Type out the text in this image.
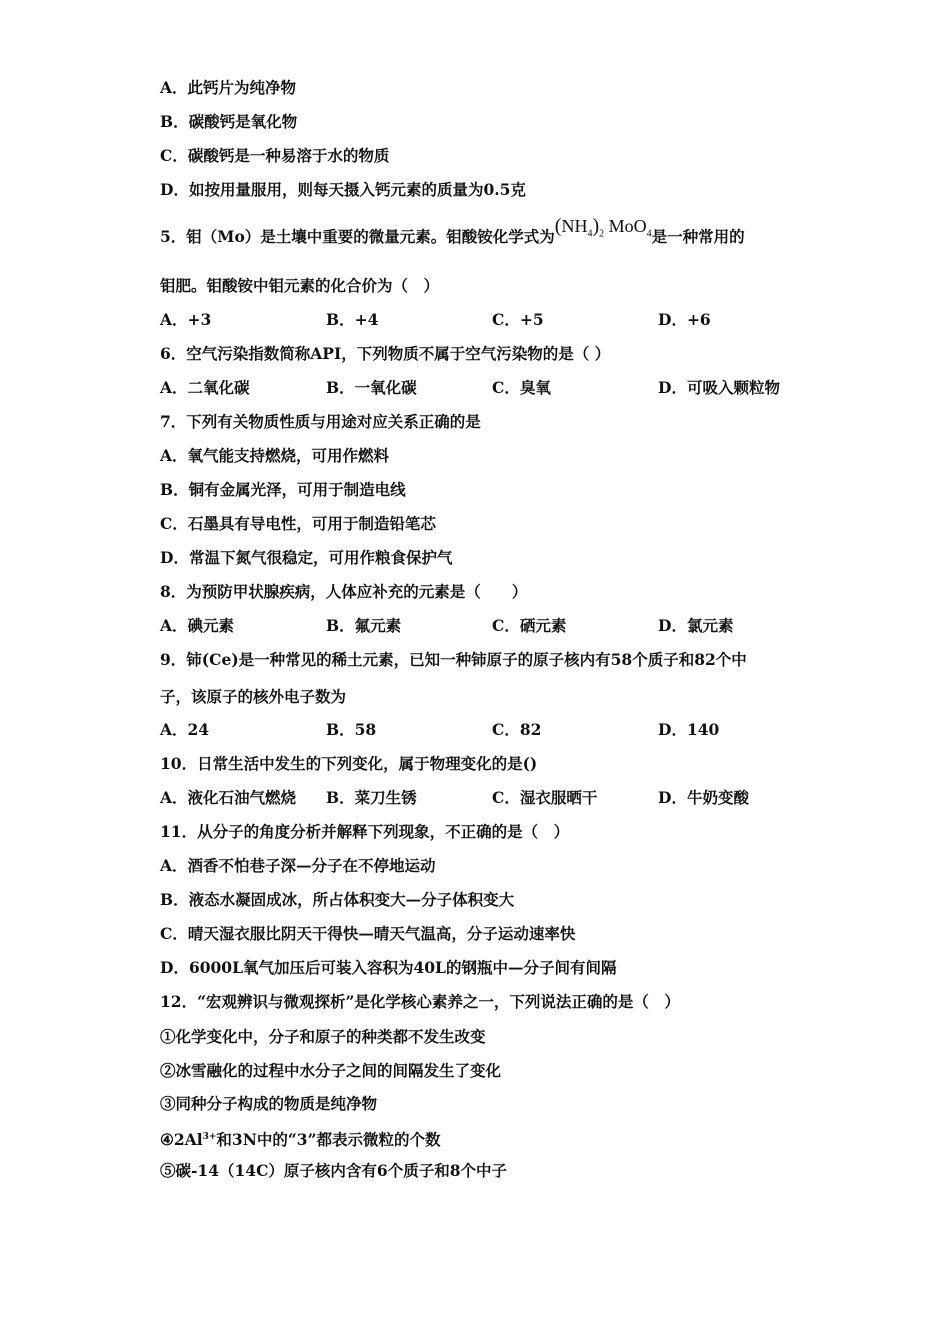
A．此钙片为纯净物
B．碳酸钙是氧化物
C．碳酸钙是一种易溶于水的物质
D．如按用量服用，则每天摄入钙元素的质量为0.5克
5．钼（Mo）是土壤中重要的微量元素。钼酸铵化学式为$(NH_4)_2$ MoO$_4$是一种常用的
钼肥。钼酸铵中钼元素的化合价为（　）
A．+3	B．+4	C．+5	D．+6
6．空气污染指数简称API，下列物质不属于空气污染物的是（ ）
A．二氧化碳	B．一氧化碳	C．臭氧	D．可吸入颗粒物
7．下列有关物质性质与用途对应关系正确的是
A．氧气能支持燃烧，可用作燃料
B．铜有金属光泽，可用于制造电线
C．石墨具有导电性，可用于制造铅笔芯
D．常温下氮气很稳定，可用作粮食保护气
8．为预防甲状腺疾病，人体应补充的元素是（　　）
A．碘元素	B．氟元素	C．硒元素	D．氯元素
9．铈(Ce)是一种常见的稀土元素，已知一种铈原子的原子核内有58个质子和82个中
子，该原子的核外电子数为
A．24	B．58	C．82	D．140
10．日常生活中发生的下列变化，属于物理变化的是()
A．液化石油气燃烧 B．菜刀生锈	C．湿衣服晒干	D．牛奶变酸
11．从分子的角度分析并解释下列现象，不正确的是（　）
A．酒香不怕巷子深—分子在不停地运动
B．液态水凝固成冰，所占体积变大—分子体积变大
C．晴天湿衣服比阴天干得快—晴天气温高，分子运动速率快
D．6000L氧气加压后可装入容积为40L的钢瓶中—分子间有间隔
12．“宏观辨识与微观探析”是化学核心素养之一，下列说法正确的是（　）
①化学变化中，分子和原子的种类都不发生改变
②冰雪融化的过程中水分子之间的间隔发生了变化
③同种分子构成的物质是纯净物
$④2Al^{3+}$和3N中的“3”都表示微粒的个数
⑤碳-14（14C）原子核内含有6个质子和8个中子
